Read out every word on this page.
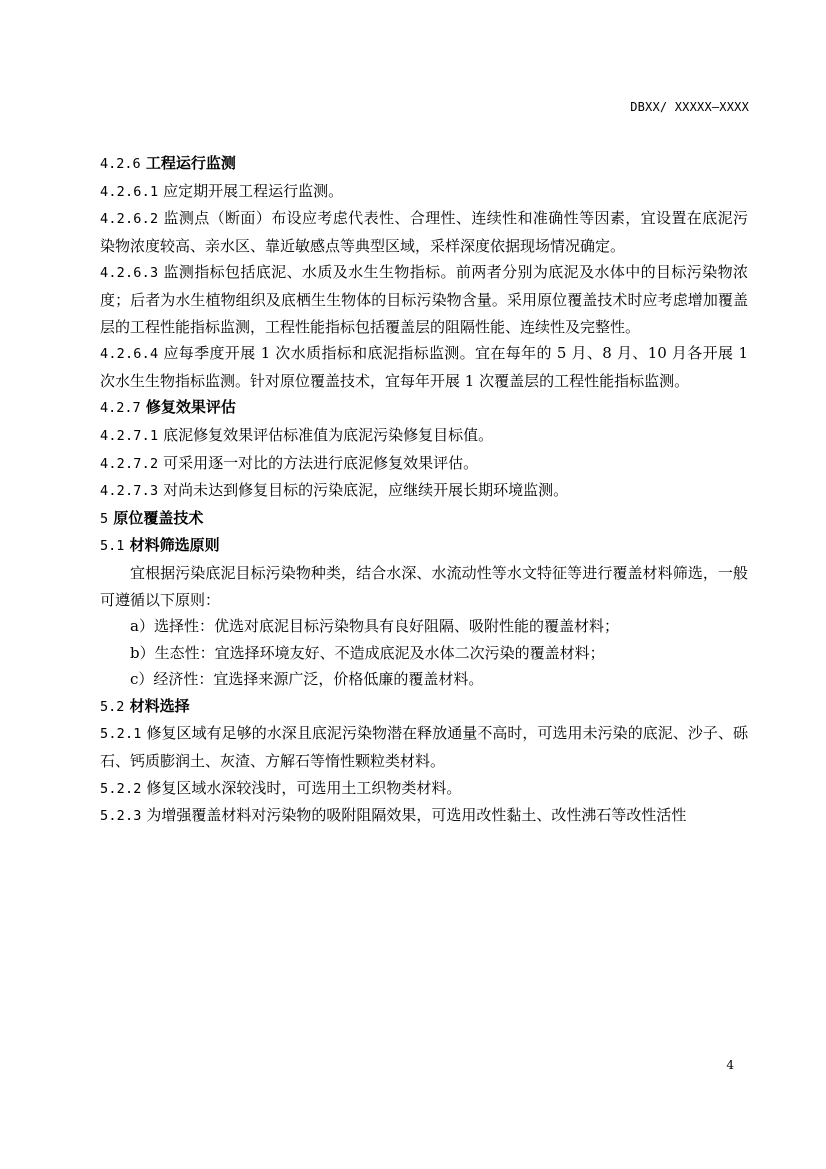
DBXX/ XXXXX—XXXX

4.2.6 工程运行监测

4.2.6.1 应定期开展工程运行监测。

4.2.6.2 监测点（断面）布设应考虑代表性、合理性、连续性和准确性等因素，宜设置在底泥污染物浓度较高、亲水区、靠近敏感点等典型区域，采样深度依据现场情况确定。

4.2.6.3 监测指标包括底泥、水质及水生生物指标。前两者分别为底泥及水体中的目标污染物浓度；后者为水生植物组织及底栖生生物体的目标污染物含量。采用原位覆盖技术时应考虑增加覆盖层的工程性能指标监测，工程性能指标包括覆盖层的阻隔性能、连续性及完整性。

4.2.6.4 应每季度开展 1 次水质指标和底泥指标监测。宜在每年的 5 月、8 月、10 月各开展 1 次水生生物指标监测。针对原位覆盖技术，宜每年开展 1 次覆盖层的工程性能指标监测。

4.2.7 修复效果评估

4.2.7.1 底泥修复效果评估标准值为底泥污染修复目标值。

4.2.7.2 可采用逐一对比的方法进行底泥修复效果评估。

4.2.7.3 对尚未达到修复目标的污染底泥，应继续开展长期环境监测。

5 原位覆盖技术

5.1 材料筛选原则

宜根据污染底泥目标污染物种类，结合水深、水流动性等水文特征等进行覆盖材料筛选，一般可遵循以下原则：

a）选择性：优选对底泥目标污染物具有良好阻隔、吸附性能的覆盖材料；

b）生态性：宜选择环境友好、不造成底泥及水体二次污染的覆盖材料；

c）经济性：宜选择来源广泛，价格低廉的覆盖材料。

5.2 材料选择

5.2.1 修复区域有足够的水深且底泥污染物潜在释放通量不高时，可选用未污染的底泥、沙子、砾石、钙质膨润土、灰渣、方解石等惰性颗粒类材料。

5.2.2 修复区域水深较浅时，可选用土工织物类材料。

5.2.3 为增强覆盖材料对污染物的吸附阻隔效果，可选用改性黏土、改性沸石等改性活性

4
